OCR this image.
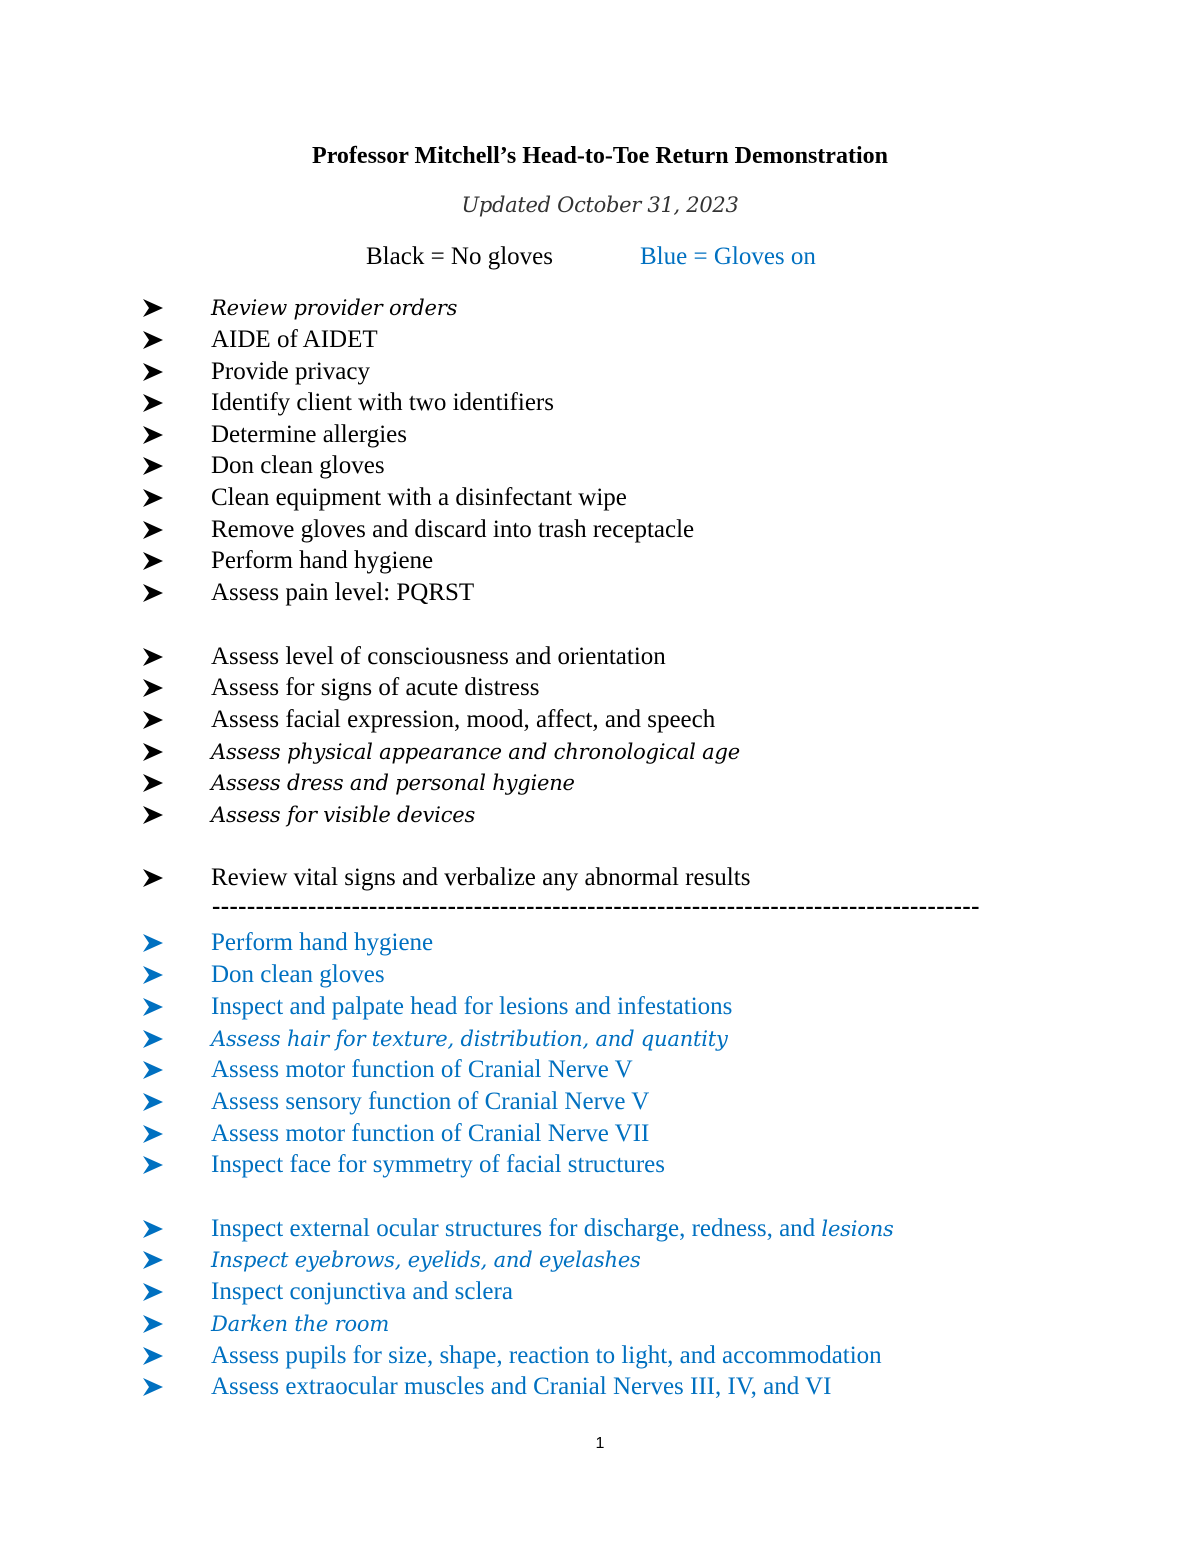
Professor Mitchell’s Head-to-Toe Return Demonstration
Updated October 31, 2023
Black = No gloves	Blue = Gloves on
Review provider orders
AIDE of AIDET
Provide privacy
Identify client with two identifiers
Determine allergies
Don clean gloves
Clean equipment with a disinfectant wipe
Remove gloves and discard into trash receptacle
Perform hand hygiene
Assess pain level: PQRST
Assess level of consciousness and orientation
Assess for signs of acute distress
Assess facial expression, mood, affect, and speech
Assess physical appearance and chronological age
Assess dress and personal hygiene
Assess for visible devices
Review vital signs and verbalize any abnormal results
Perform hand hygiene
Don clean gloves
Inspect and palpate head for lesions and infestations
Assess hair for texture, distribution, and quantity
Assess motor function of Cranial Nerve V
Assess sensory function of Cranial Nerve V
Assess motor function of Cranial Nerve VII
Inspect face for symmetry of facial structures
Inspect external ocular structures for discharge, redness, and lesions
Inspect eyebrows, eyelids, and eyelashes
Inspect conjunctiva and sclera
Darken the room
Assess pupils for size, shape, reaction to light, and accommodation
Assess extraocular muscles and Cranial Nerves III, IV, and VI
----------------------------------------------------------------------------------------
1
